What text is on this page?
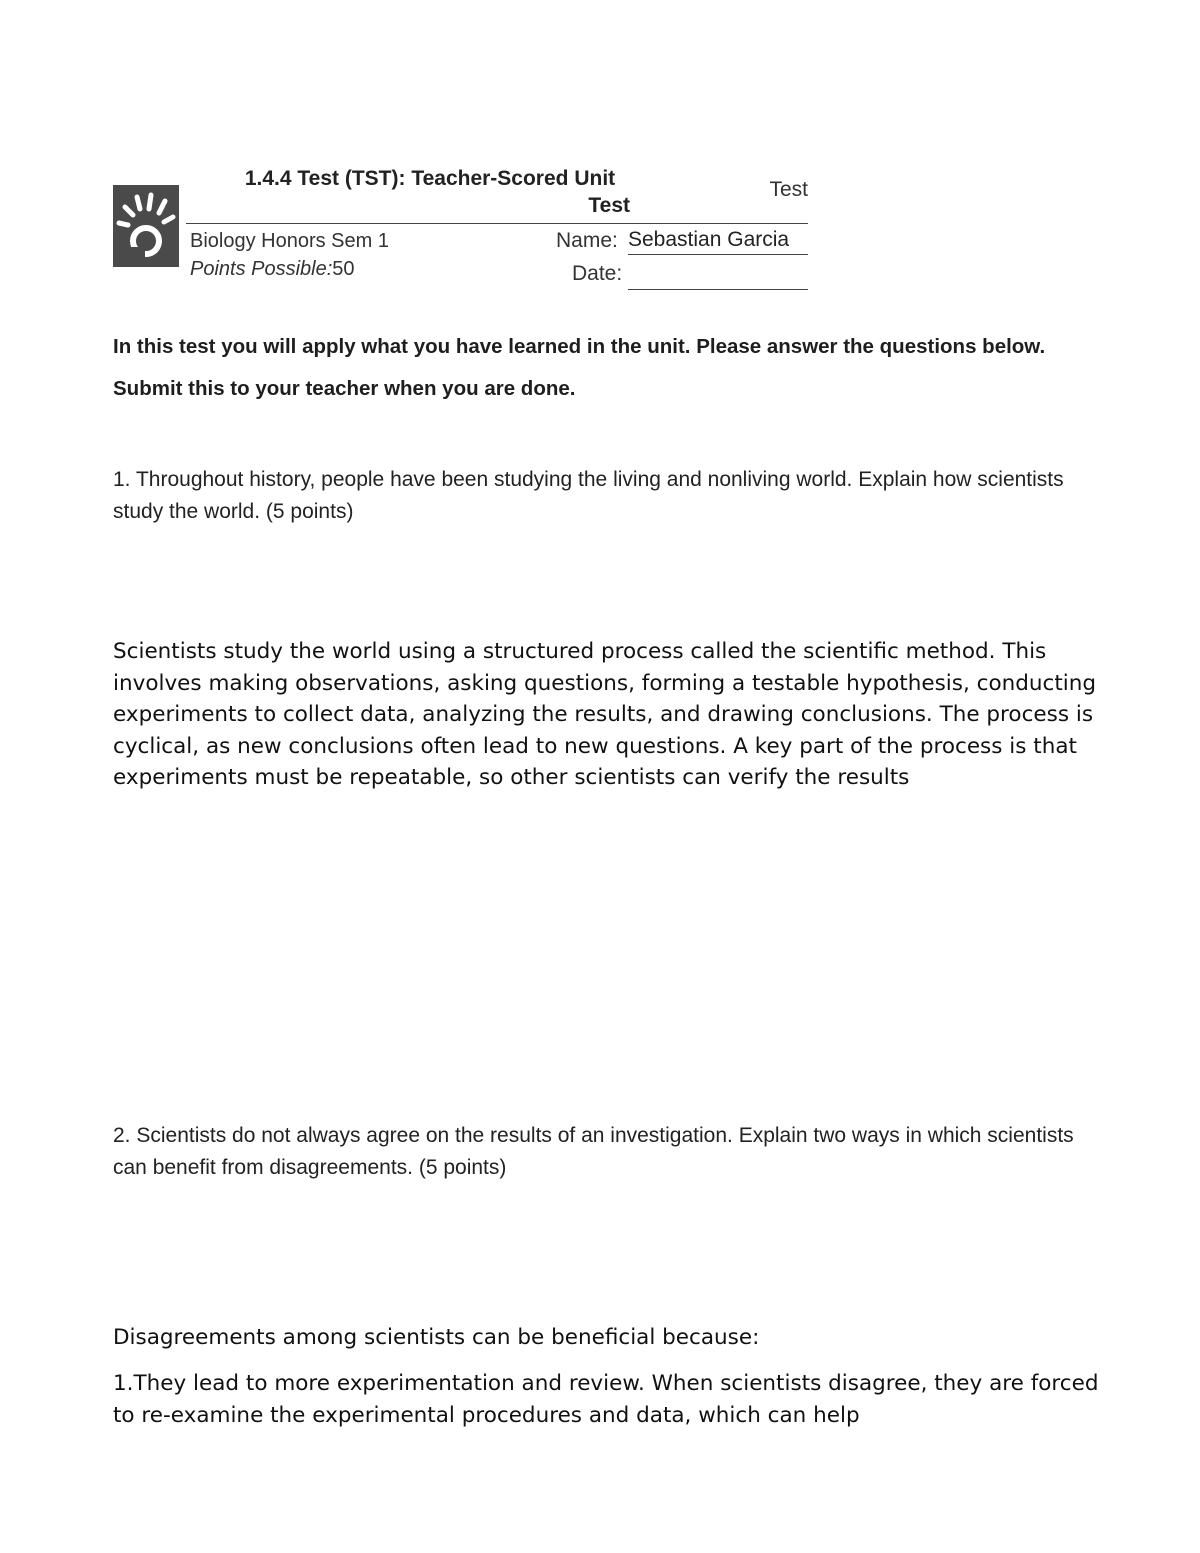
1.4.4 Test (TST): Teacher-Scored Unit
Test
Test
Biology Honors Sem 1
Points Possible:50
Name: Sebastian Garcia
Date:
In this test you will apply what you have learned in the unit. Please answer the questions below. Submit this to your teacher when you are done.
1. Throughout history, people have been studying the living and nonliving world. Explain how scientists study the world. (5 points)
Scientists study the world using a structured process called the scientific method. This involves making observations, asking questions, forming a testable hypothesis, conducting experiments to collect data, analyzing the results, and drawing conclusions. The process is cyclical, as new conclusions often lead to new questions. A key part of the process is that experiments must be repeatable, so other scientists can verify the results
2. Scientists do not always agree on the results of an investigation. Explain two ways in which scientists can benefit from disagreements. (5 points)
Disagreements among scientists can be beneficial because:
1.They lead to more experimentation and review. When scientists disagree, they are forced to re-examine the experimental procedures and data, which can help
